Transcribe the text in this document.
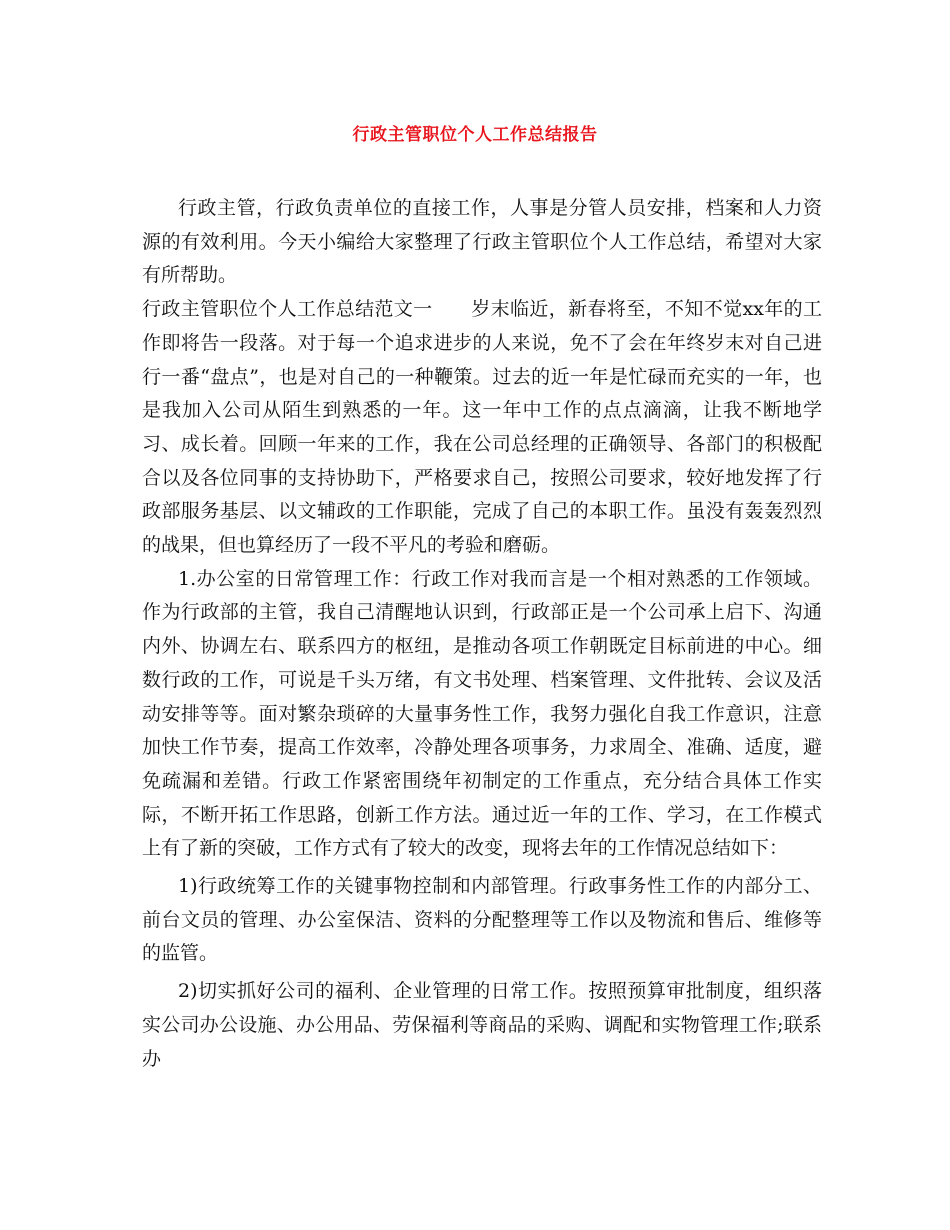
行政主管职位个人工作总结报告

行政主管，行政负责单位的直接工作，人事是分管人员安排，档案和人力资源的有效利用。今天小编给大家整理了行政主管职位个人工作总结，希望对大家有所帮助。

行政主管职位个人工作总结范文一　　岁末临近，新春将至，不知不觉xx年的工作即将告一段落。对于每一个追求进步的人来说，免不了会在年终岁末对自己进行一番“盘点”，也是对自己的一种鞭策。过去的近一年是忙碌而充实的一年，也是我加入公司从陌生到熟悉的一年。这一年中工作的点点滴滴，让我不断地学习、成长着。回顾一年来的工作，我在公司总经理的正确领导、各部门的积极配合以及各位同事的支持协助下，严格要求自己，按照公司要求，较好地发挥了行政部服务基层、以文辅政的工作职能，完成了自己的本职工作。虽没有轰轰烈烈的战果，但也算经历了一段不平凡的考验和磨砺。

1.办公室的日常管理工作：行政工作对我而言是一个相对熟悉的工作领域。作为行政部的主管，我自己清醒地认识到，行政部正是一个公司承上启下、沟通内外、协调左右、联系四方的枢纽，是推动各项工作朝既定目标前进的中心。细数行政的工作，可说是千头万绪，有文书处理、档案管理、文件批转、会议及活动安排等等。面对繁杂琐碎的大量事务性工作，我努力强化自我工作意识，注意加快工作节奏，提高工作效率，冷静处理各项事务，力求周全、准确、适度，避免疏漏和差错。行政工作紧密围绕年初制定的工作重点，充分结合具体工作实际，不断开拓工作思路，创新工作方法。通过近一年的工作、学习，在工作模式上有了新的突破，工作方式有了较大的改变，现将去年的工作情况总结如下：

1)行政统筹工作的关键事物控制和内部管理。行政事务性工作的内部分工、前台文员的管理、办公室保洁、资料的分配整理等工作以及物流和售后、维修等的监管。

2)切实抓好公司的福利、企业管理的日常工作。按照预算审批制度，组织落实公司办公设施、办公用品、劳保福利等商品的采购、调配和实物管理工作;联系办
